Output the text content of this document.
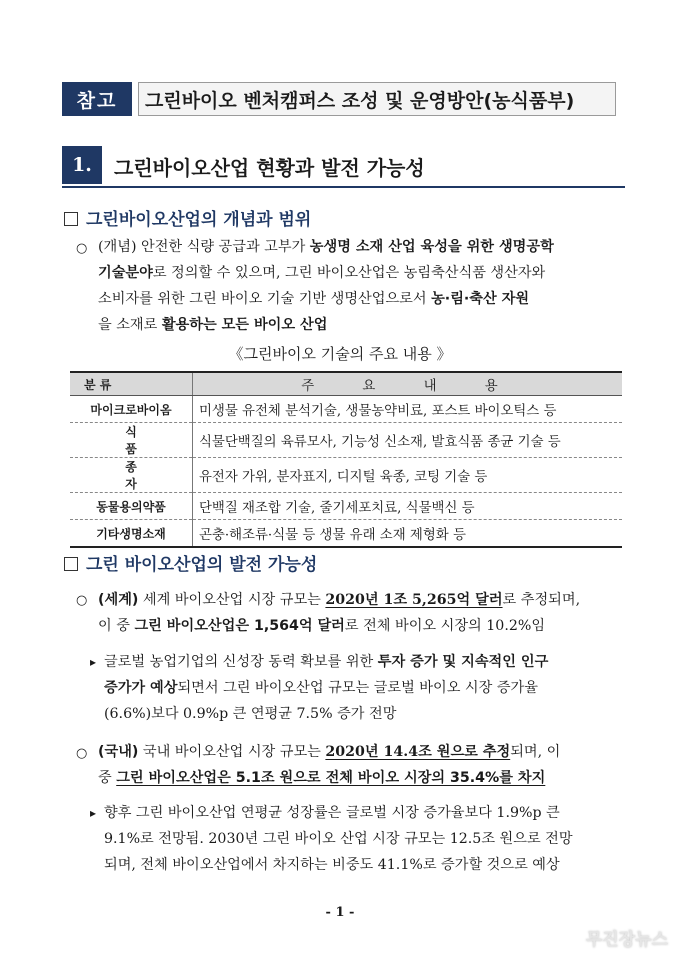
참고	그린바이오 벤처캠퍼스 조성 및 운영방안(농식품부)
1.	그린바이오산업 현황과 발전 가능성
그린바이오산업의 개념과 범위
○ (개념) 안전한 식량 공급과 고부가 농생명 소재 산업 육성을 위한 생명공학
기술분야로 정의할 수 있으며, 그린 바이오산업은 농림축산식품 생산자와
소비자를 위한 그린 바이오 기술 기반 생명산업으로서 농·림·축산 자원
을 소재로 활용하는 모든 바이오 산업
《그린바이오 기술의 주요 내용 》
분 류	주 요 내 용
마이크로바이옴	미생물 유전체 분석기술, 생물농약비료, 포스트 바이오틱스 등
식 품	식물단백질의 육류모사, 기능성 신소재, 발효식품 종균 기술 등
종 자	유전자 가위, 분자표지, 디지털 육종, 코팅 기술 등
동물용의약품	단백질 재조합 기술, 줄기세포치료, 식물백신 등
기타생명소재	곤충·해조류·식물 등 생물 유래 소재 제형화 등
그린 바이오산업의 발전 가능성
○ (세계) 세계 바이오산업 시장 규모는 2020년 1조 5,265억 달러로 추정되며,
이 중 그린 바이오산업은 1,564억 달러로 전체 바이오 시장의 10.2%임
▸ 글로벌 농업기업의 신성장 동력 확보를 위한 투자 증가 및 지속적인 인구
증가가 예상되면서 그린 바이오산업 규모는 글로벌 바이오 시장 증가율
(6.6%)보다 0.9%p 큰 연평균 7.5% 증가 전망
○ (국내) 국내 바이오산업 시장 규모는 2020년 14.4조 원으로 추정되며, 이
중 그린 바이오산업은 5.1조 원으로 전체 바이오 시장의 35.4%를 차지
▸ 향후 그린 바이오산업 연평균 성장률은 글로벌 시장 증가율보다 1.9%p 큰
9.1%로 전망됨. 2030년 그린 바이오 산업 시장 규모는 12.5조 원으로 전망
되며, 전체 바이오산업에서 차지하는 비중도 41.1%로 증가할 것으로 예상
- 1 -
무진장뉴스
